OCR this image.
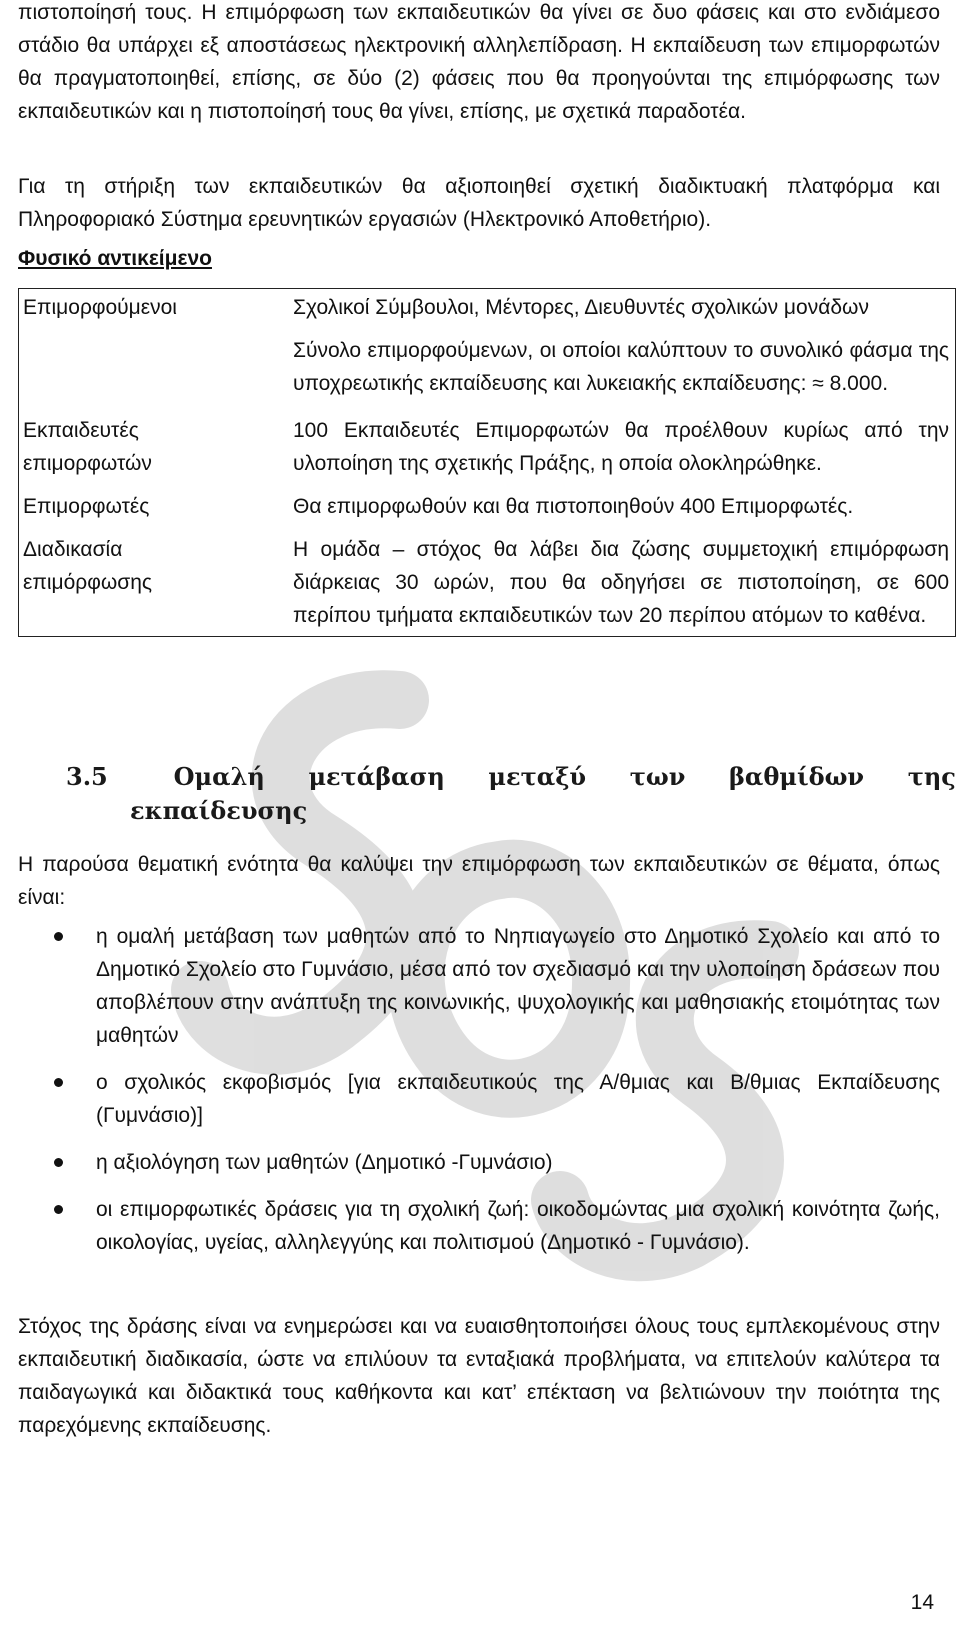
SOS

πιστοποίησή τους. Η επιμόρφωση των εκπαιδευτικών θα γίνει σε δυο φάσεις και στο ενδιάμεσο στάδιο θα υπάρχει εξ αποστάσεως ηλεκτρονική αλληλεπίδραση. Η εκπαίδευση των επιμορφωτών θα πραγματοποιηθεί, επίσης, σε δύο (2) φάσεις που θα προηγούνται της επιμόρφωσης των εκπαιδευτικών και η πιστοποίησή τους θα γίνει, επίσης, με σχετικά παραδοτέα.

Για τη στήριξη των εκπαιδευτικών θα αξιοποιηθεί σχετική διαδικτυακή πλατφόρμα και Πληροφοριακό Σύστημα ερευνητικών εργασιών (Ηλεκτρονικό Αποθετήριο).

Φυσικό αντικείμενο
Επιμορφούμενοι	Σχολικοί Σύμβουλοι, Μέντορες, Διευθυντές σχολικών μονάδων
	Σύνολο επιμορφούμενων, οι οποίοι καλύπτουν το συνολικό φάσμα της υποχρεωτικής εκπαίδευσης και λυκειακής εκπαίδευσης: ≈ 8.000.
Εκπαιδευτές επιμορφωτών	100 Εκπαιδευτές Επιμορφωτών θα προέλθουν κυρίως από την υλοποίηση της σχετικής Πράξης, η οποία ολοκληρώθηκε.
Επιμορφωτές	Θα επιμορφωθούν και θα πιστοποιηθούν 400 Επιμορφωτές.
Διαδικασία επιμόρφωσης	Η ομάδα – στόχος θα λάβει δια ζώσης συμμετοχική επιμόρφωση διάρκειας 30 ωρών, που θα οδηγήσει σε πιστοποίηση, σε 600 περίπου τμήματα εκπαιδευτικών των 20 περίπου ατόμων το καθένα.
3.5	Ομαλή μετάβαση μεταξύ των βαθμίδων της
εκπαίδευσης

Η παρούσα θεματική ενότητα θα καλύψει την επιμόρφωση των εκπαιδευτικών σε θέματα, όπως είναι:

η ομαλή μετάβαση των μαθητών από το Νηπιαγωγείο στο Δημοτικό Σχολείο και από το Δημοτικό Σχολείο στο Γυμνάσιο, μέσα από τον σχεδιασμό και την υλοποίηση δράσεων που αποβλέπουν στην ανάπτυξη της κοινωνικής, ψυχολογικής και μαθησιακής ετοιμότητας των μαθητών
ο σχολικός εκφοβισμός [για εκπαιδευτικούς της Α/θμιας και Β/θμιας Εκπαίδευσης (Γυμνάσιο)]
η αξιολόγηση των μαθητών (Δημοτικό -Γυμνάσιο)
οι επιμορφωτικές δράσεις για τη σχολική ζωή: οικοδομώντας μια σχολική κοινότητα ζωής, οικολογίας, υγείας, αλληλεγγύης και πολιτισμού (Δημοτικό - Γυμνάσιο).

Στόχος της δράσης είναι να ενημερώσει και να ευαισθητοποιήσει όλους τους εμπλεκομένους στην εκπαιδευτική διαδικασία, ώστε να επιλύουν τα ενταξιακά προβλήματα, να επιτελούν καλύτερα τα παιδαγωγικά και διδακτικά τους καθήκοντα και κατ’ επέκταση να βελτιώνουν την ποιότητα της παρεχόμενης εκπαίδευσης.

14
